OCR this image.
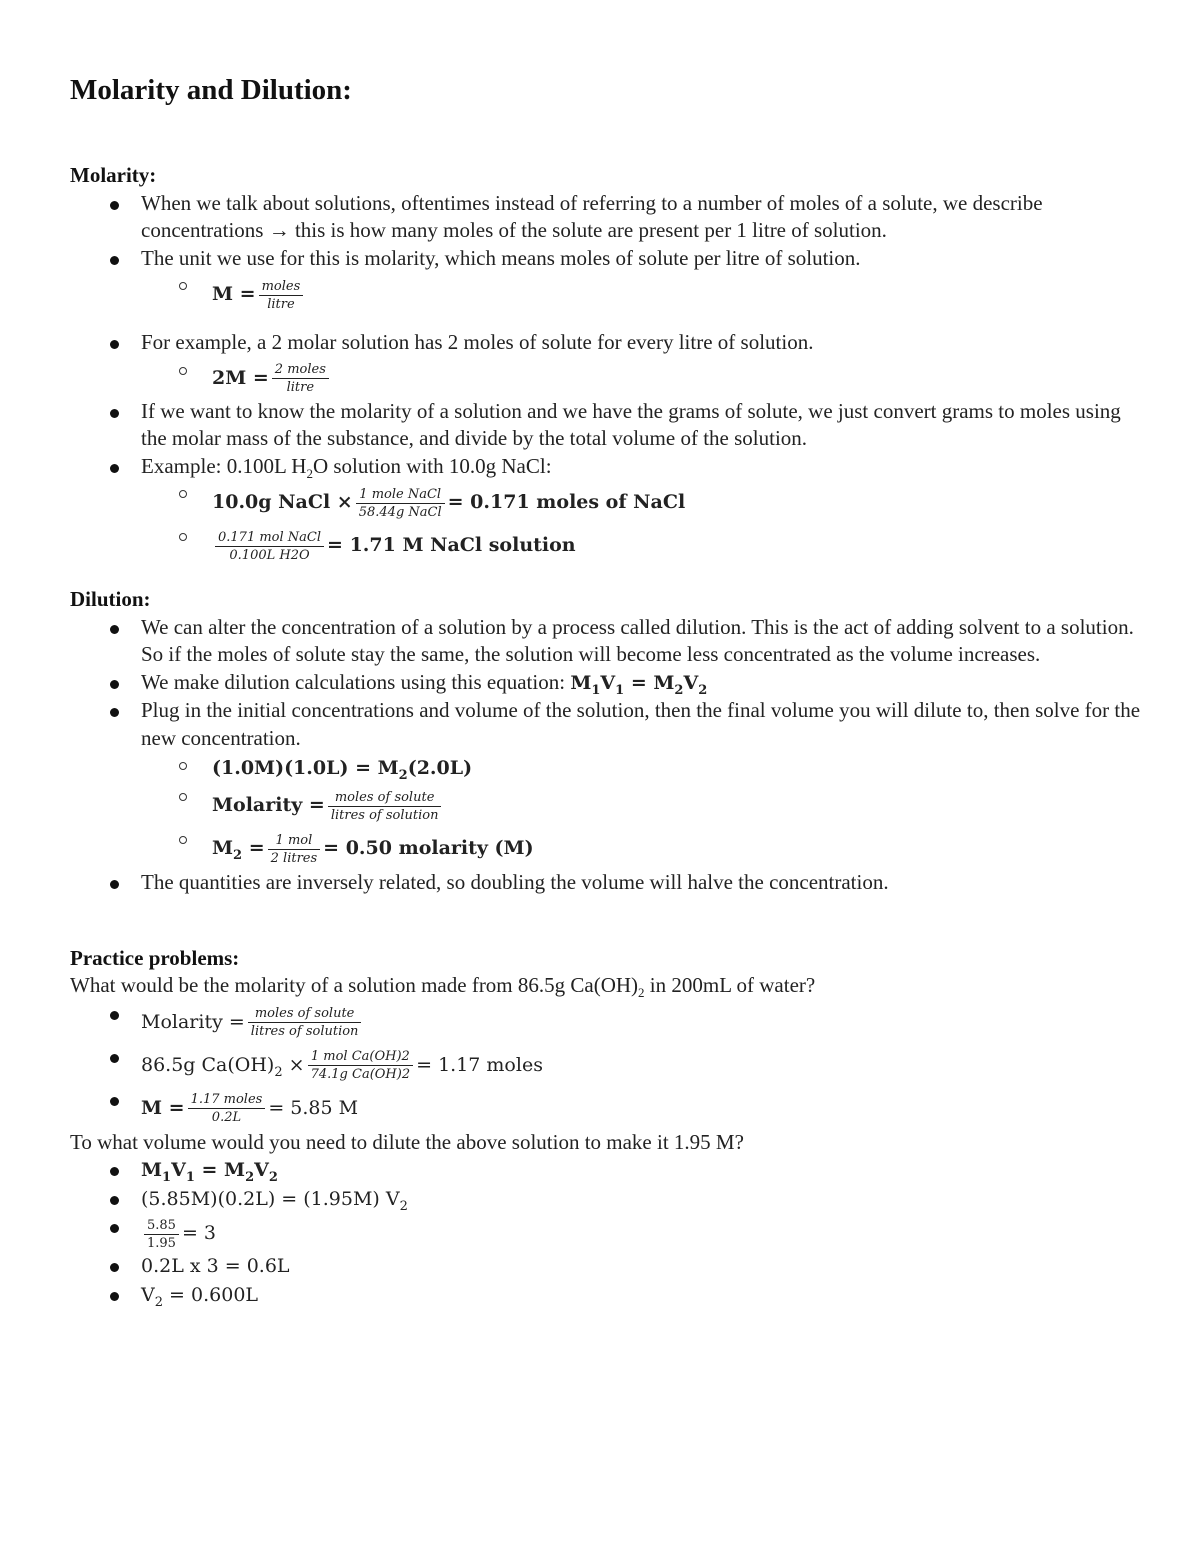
Molarity and Dilution:

Molarity:

When we talk about solutions, oftentimes instead of referring to a number of moles of a solute, we describe concentrations → this is how many moles of the solute are present per 1 litre of solution.
The unit we use for this is molarity, which means moles of solute per litre of solution.
$M = \frac{\text{moles}}{\text{litre}}$
For example, a 2 molar solution has 2 moles of solute for every litre of solution.
$2M = \frac{\text{2 moles}}{\text{litre}}$
If we want to know the molarity of a solution and we have the grams of solute, we just convert grams to moles using the molar mass of the substance, and divide by the total volume of the solution.
Example: 0.100L $H_2O$ solution with 10.0g NaCl:
10.0g NaCl × $\frac{\text{1 mole NaCl}}{\text{58.44g NaCl}} = 0.171$ moles of NaCl
$\frac{\text{0.171 mol NaCl}}{\text{0.100L H2O}} = 1.71$ M NaCl solution

Dilution:

We can alter the concentration of a solution by a process called dilution. This is the act of adding solvent to a solution. So if the moles of solute stay the same, the solution will become less concentrated as the volume increases.
We make dilution calculations using this equation: $M_1V_1 = M_2V_2$
Plug in the initial concentrations and volume of the solution, then the final volume you will dilute to, then solve for the new concentration.
$(1.0M)(1.0L) = M_2(2.0L)$
Molarity = $\frac{\text{moles of solute}}{\text{litres of solution}}$
$M_2 = \frac{\text{1 mol}}{\text{2 litres}} = 0.50$ molarity (M)
The quantities are inversely related, so doubling the volume will halve the concentration.

Practice problems:

What would be the molarity of a solution made from 86.5g $Ca(OH)_2$ in 200mL of water?

Molarity = $\frac{\text{moles of solute}}{\text{litres of solution}}$
86.5g $Ca(OH)_2 \times \frac{\text{1 mol Ca(OH)2}}{\text{74.1g Ca(OH)2}} = 1.17$ moles
$M = \frac{\text{1.17 moles}}{0.2L} = 5.85$ M

To what volume would you need to dilute the above solution to make it 1.95 M?

$M_1V_1 = M_2V_2$
(5.85M)(0.2L) = (1.95M) $V_2$
$\frac{5.85}{1.95} = 3$
0.2L x 3 = 0.6L
$V_2 = 0.600L$
